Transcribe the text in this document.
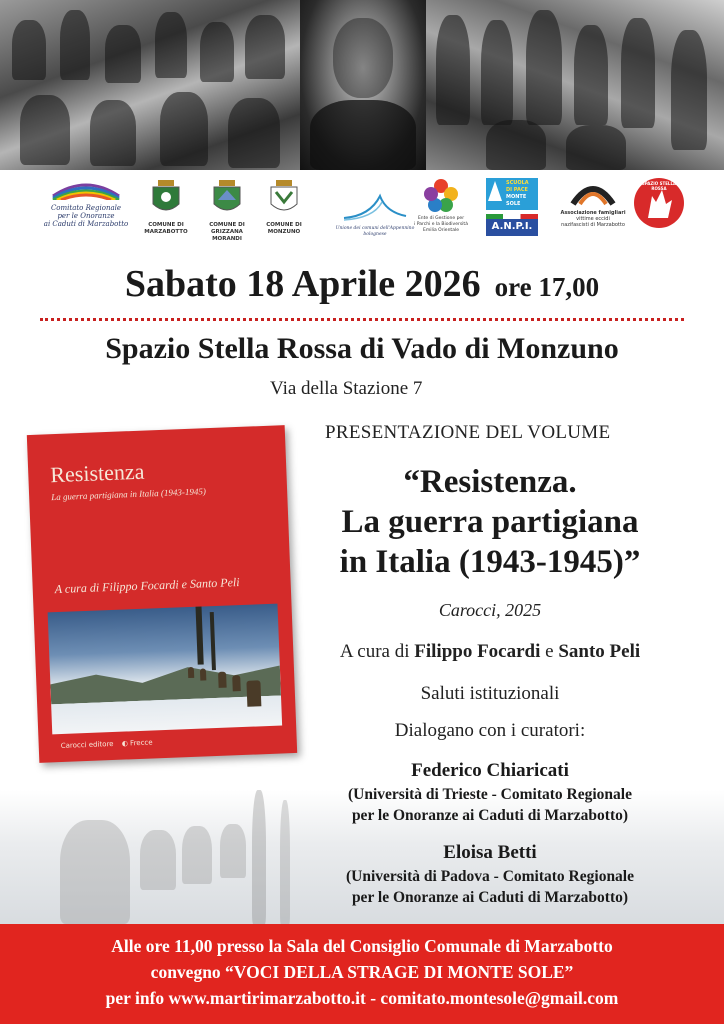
Comitato Regionale
per le Onoranze
ai Caduti di Marzabotto	COMUNE DI
MARZABOTTO
COMUNE DI
GRIZZANA MORANDI
COMUNE DI
MONZUNO
Unione dei comuni dell'Appennino bolognese
Ente di Gestione per
i Parchi e la Biodiversità
Emilia Orientale
SCUOLA
DI PACE
MONTE
SOLE
A.N.P.I.
Associazione famigliari
vittime eccidi
nazifascisti di Marzabotto
SPAZIO STELLA ROSSA
Sabato 18 Aprile 2026 ore 17,00
Spazio Stella Rossa di Vado di Monzuno
Via della Stazione 7
Resistenza
La guerra partigiana in Italia (1943-1945)
A cura di Filippo Focardi e Santo Peli
Carocci editore ◐ Frecce
PRESENTAZIONE DEL VOLUME
“Resistenza.
La guerra partigiana
in Italia (1943-1945)”
Carocci, 2025
A cura di Filippo Focardi e Santo Peli
Saluti istituzionali
Dialogano con i curatori:
Federico Chiaricati
(Università di Trieste - Comitato Regionale
per le Onoranze ai Caduti di Marzabotto)
Eloisa Betti
(Università di Padova - Comitato Regionale
per le Onoranze ai Caduti di Marzabotto)
Alle ore 11,00 presso la Sala del Consiglio Comunale di Marzabotto
convegno “VOCI DELLA STRAGE DI MONTE SOLE”
per info www.martirimarzabotto.it - comitato.montesole@gmail.com
